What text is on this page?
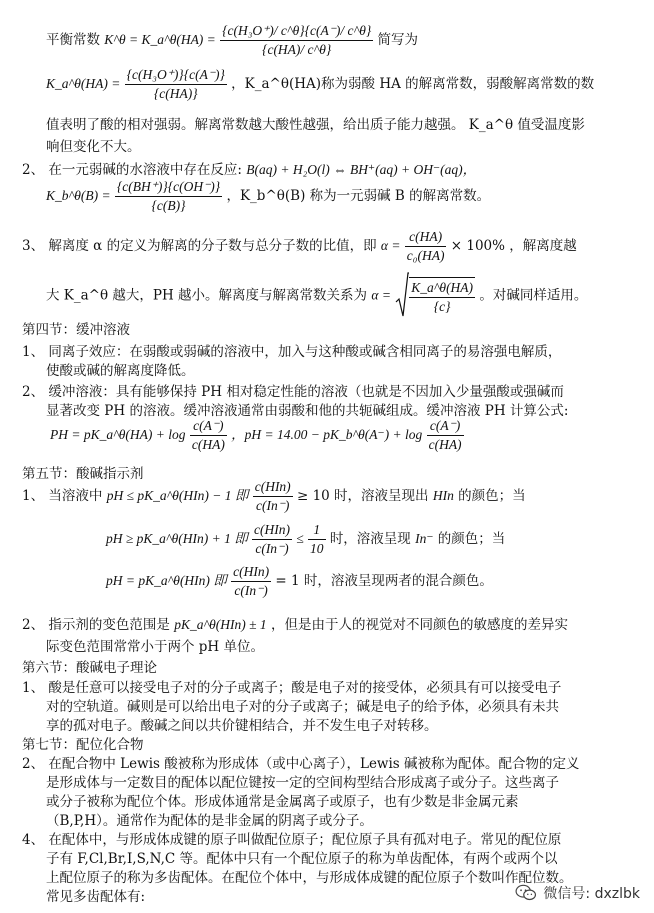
平衡常数 K^θ = K_a^θ(HA) = $\frac{\text{\{c(H₃O⁺)/ c\textasciicircum{}θ\}\{c(A⁻)/ c\textasciicircum{}θ\}}}{\{c(HA)/ c\^{}\theta\}}$ 简写为
K_a^θ(HA) = $\frac{\text{\{c(H₃O⁺)\}\{c(A⁻)\}}}{\{c(HA)\}}$ ，K_a^θ(HA)称为弱酸 HA 的解离常数，弱酸解离常数的数
值表明了酸的相对强弱。解离常数越大酸性越强，给出质子能力越强。 K_a^θ 值受温度影
响但变化不大。
2、 在一元弱碱的水溶液中存在反应: B(aq) + H₂O(l) ⇔ BH⁺(aq) + OH⁻(aq)，
K_b^θ(B) = $\frac{\{c(BH^+)\}\{c(OH^-)\}}{\{c(B)\}}$ ，K_b^θ(B) 称为一元弱碱 B 的解离常数。
3、 解离度 α 的定义为解离的分子数与总分子数的比值，即 $\alpha = \frac{c(HA)}{\text{c₀(HA)}} \times 100\%$ ，解离度越
大 K_a^θ 越大，PH 越小。解离度与解离常数关系为 $\alpha = \frac{K\_a\^{}\theta(HA)}{\{c\}}$ 。对碱同样适用。
第四节：缓冲溶液
1、 同离子效应：在弱酸或弱碱的溶液中，加入与这种酸或碱含相同离子的易溶强电解质，
使酸或碱的解离度降低。
2、 缓冲溶液：具有能够保持 PH 相对稳定性能的溶液（也就是不因加入少量强酸或强碱而
显著改变 PH 的溶液。缓冲溶液通常由弱酸和他的共轭碱组成。缓冲溶液 PH 计算公式:
PH = pK_a^θ(HA) + $\log \frac{c(A^-)}{c(HA)}$ ，pH = 14.00 − pK_b^θ(A⁻) + $\log \frac{c(A^-)}{c(HA)}$
第五节：酸碱指示剂
1、 当溶液中 pH ≤ pK_a^θ(HIn) − 1 即 $\frac{\text{c(HIn)}}{c(In^-)} \ge 10$ 时，溶液呈现出 HIn 的颜色；当
pH ≥ pK_a^θ(HIn) + 1 即 $\frac{\text{c(HIn)}}{c(In^-)} \le \frac{1}{10}$ 时，溶液呈现 In⁻ 的颜色；当
pH = pK_a^θ(HIn) 即 $\frac{\text{c(HIn)}}{c(In^-)} = 1$ 时，溶液呈现两者的混合颜色。
2、 指示剂的变色范围是 pK_a^θ(HIn) ± 1 ，但是由于人的视觉对不同颜色的敏感度的差异实
际变色范围常常小于两个 pH 单位。
第六节：酸碱电子理论
1、 酸是任意可以接受电子对的分子或离子；酸是电子对的接受体，必须具有可以接受电子
对的空轨道。碱则是可以给出电子对的分子或离子；碱是电子的给予体，必须具有未共
享的孤对电子。酸碱之间以共价键相结合，并不发生电子对转移。
第七节：配位化合物
2、 在配合物中 Lewis 酸被称为形成体（或中心离子），Lewis 碱被称为配体。配合物的定义
是形成体与一定数目的配体以配位键按一定的空间构型结合形成离子或分子。这些离子
或分子被称为配位个体。形成体通常是金属离子或原子，也有少数是非金属元素
（B,P,H）。通常作为配体的是非金属的阴离子或分子。
4、 在配体中，与形成体成键的原子叫做配位原子；配位原子具有孤对电子。常见的配位原
子有 F,Cl,Br,I,S,N,C 等。配体中只有一个配位原子的称为单齿配体，有两个或两个以
上配位原子的称为多齿配体。在配位个体中，与形成体成键的配位原子个数叫作配位数。
常见多齿配体有:	微信号: dxzlbk
